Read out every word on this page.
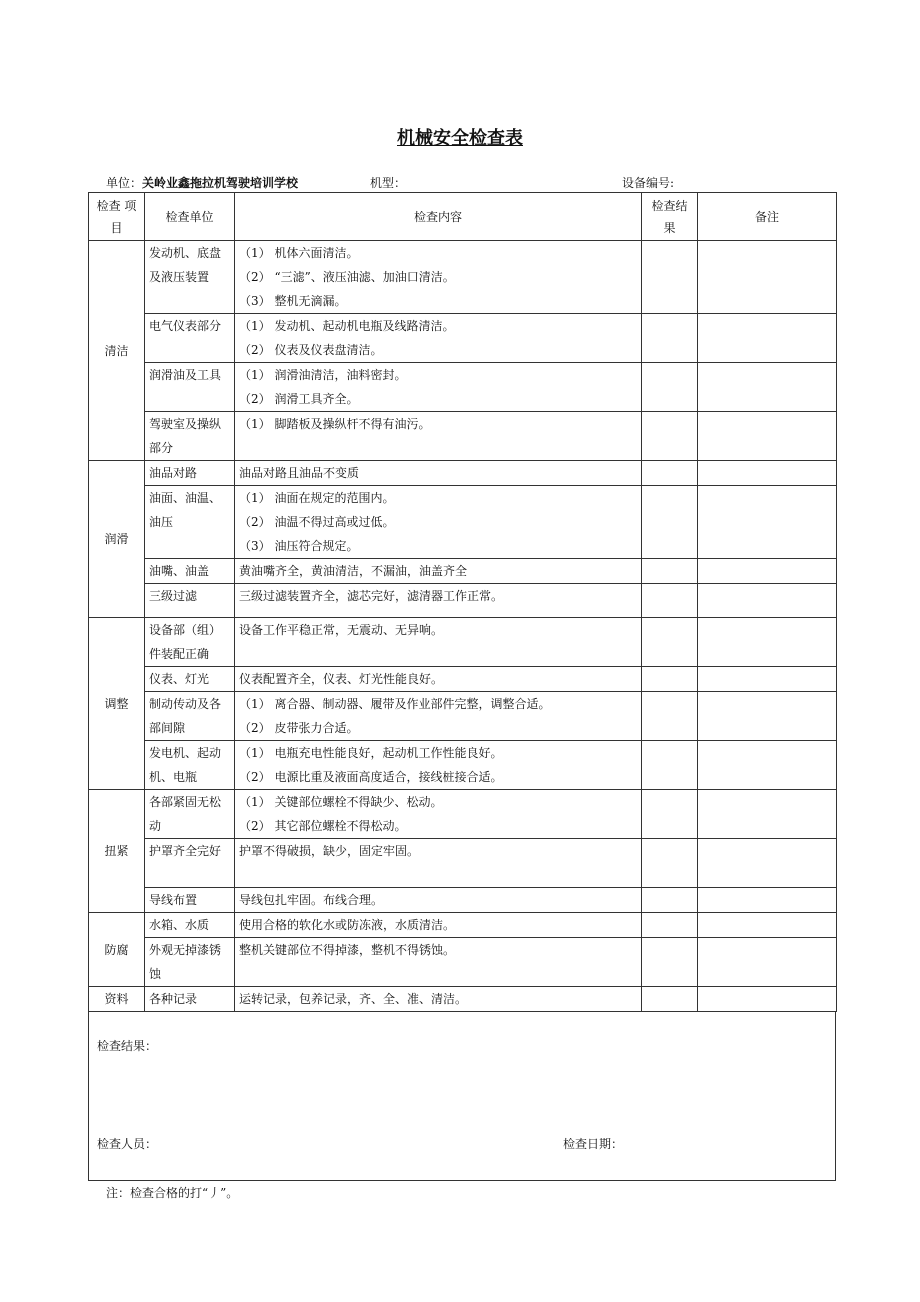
机械安全检查表
单位：关岭业鑫拖拉机驾驶培训学校	机型：	设备编号:
检查 项目	检查单位	检查内容	检查结果	备注
清洁	发动机、底盘及液压装置	（1） 机体六面清洁。
（2） “三滤”、液压油滤、加油口清洁。
（3） 整机无滴漏。		

	电气仪表部分	（1） 发动机、起动机电瓶及线路清洁。
（2） 仪表及仪表盘清洁。		

	润滑油及工具	（1） 润滑油清洁，油料密封。
（2） 润滑工具齐全。		

	驾驶室及操纵部分	（1） 脚踏板及操纵杆不得有油污。		

润滑	油品对路	油品对路且油品不变质		

	油面、油温、油压	（1） 油面在规定的范围内。
（2） 油温不得过高或过低。
（3） 油压符合规定。		

	油嘴、油盖	黄油嘴齐全，黄油清洁，不漏油，油盖齐全		

	三级过滤	三级过滤装置齐全，滤芯完好，滤清器工作正常。		

调整	设备部（组）件装配正确	设备工作平稳正常，无震动、无异响。		

	仪表、灯光	仪表配置齐全，仪表、灯光性能良好。		

	制动传动及各部间隙	（1） 离合器、制动器、履带及作业部件完整，调整合适。
（2） 皮带张力合适。		

	发电机、起动机、电瓶	（1） 电瓶充电性能良好，起动机工作性能良好。
（2） 电源比重及液面高度适合，接线桩接合适。		

扭紧	各部紧固无松动	（1） 关键部位螺栓不得缺少、松动。
（2） 其它部位螺栓不得松动。		

	护罩齐全完好	护罩不得破损，缺少，固定牢固。		

	导线布置	导线包扎牢固。布线合理。		

防腐	水箱、水质	使用合格的软化水或防冻液，水质清洁。		

	外观无掉漆锈蚀	整机关键部位不得掉漆，整机不得锈蚀。		

资料	各种记录	运转记录，包养记录，齐、全、准、清洁。		

检查结果：
检查人员：	检查日期：
注：检查合格的打“丿”。
